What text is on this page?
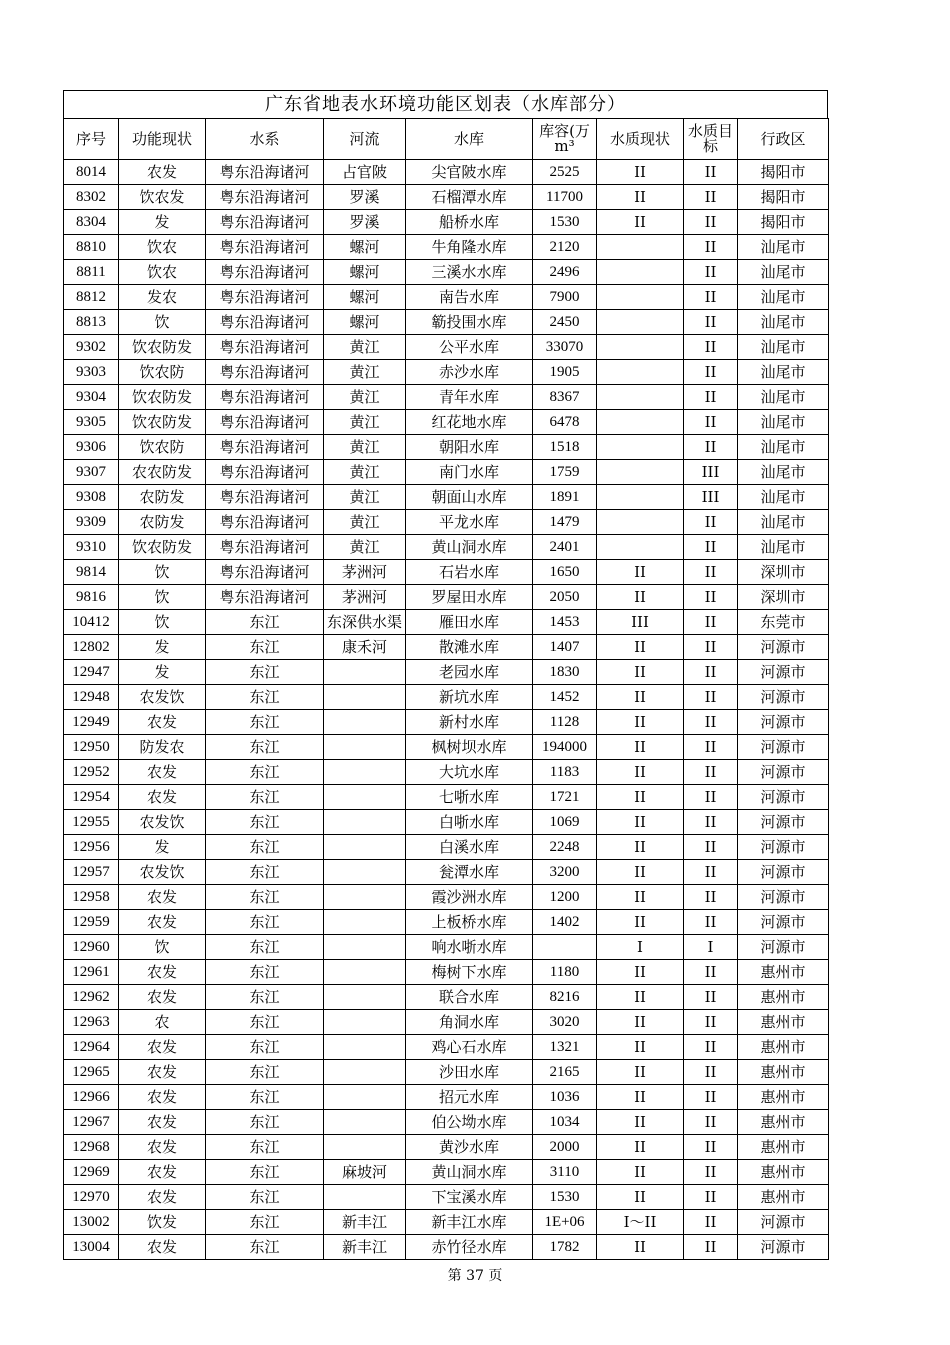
广东省地表水环境功能区划表（水库部分）
序号	功能现状	水系	河流	水库	库容(万m³	水质现状	水质目标	行政区
8014	农发	粤东沿海诸河	占官陂	尖官陂水库	2525	II	II	揭阳市
8302	饮农发	粤东沿海诸河	罗溪	石榴潭水库	11700	II	II	揭阳市
8304	发	粤东沿海诸河	罗溪	船桥水库	1530	II	II	揭阳市
8810	饮农	粤东沿海诸河	螺河	牛角隆水库	2120		II	汕尾市
8811	饮农	粤东沿海诸河	螺河	三溪水水库	2496		II	汕尾市
8812	发农	粤东沿海诸河	螺河	南告水库	7900		II	汕尾市
8813	饮	粤东沿海诸河	螺河	簕投围水库	2450		II	汕尾市
9302	饮农防发	粤东沿海诸河	黄江	公平水库	33070		II	汕尾市
9303	饮农防	粤东沿海诸河	黄江	赤沙水库	1905		II	汕尾市
9304	饮农防发	粤东沿海诸河	黄江	青年水库	8367		II	汕尾市
9305	饮农防发	粤东沿海诸河	黄江	红花地水库	6478		II	汕尾市
9306	饮农防	粤东沿海诸河	黄江	朝阳水库	1518		II	汕尾市
9307	农农防发	粤东沿海诸河	黄江	南门水库	1759		III	汕尾市
9308	农防发	粤东沿海诸河	黄江	朝面山水库	1891		III	汕尾市
9309	农防发	粤东沿海诸河	黄江	平龙水库	1479		II	汕尾市
9310	饮农防发	粤东沿海诸河	黄江	黄山洞水库	2401		II	汕尾市
9814	饮	粤东沿海诸河	茅洲河	石岩水库	1650	II	II	深圳市
9816	饮	粤东沿海诸河	茅洲河	罗屋田水库	2050	II	II	深圳市
10412	饮	东江	东深供水渠	雁田水库	1453	III	II	东莞市
12802	发	东江	康禾河	散滩水库	1407	II	II	河源市
12947	发	东江		老园水库	1830	II	II	河源市
12948	农发饮	东江		新坑水库	1452	II	II	河源市
12949	农发	东江		新村水库	1128	II	II	河源市
12950	防发农	东江		枫树坝水库	194000	II	II	河源市
12952	农发	东江		大坑水库	1183	II	II	河源市
12954	农发	东江		七哳水库	1721	II	II	河源市
12955	农发饮	东江		白哳水库	1069	II	II	河源市
12956	发	东江		白溪水库	2248	II	II	河源市
12957	农发饮	东江		瓮潭水库	3200	II	II	河源市
12958	农发	东江		霞沙洲水库	1200	II	II	河源市
12959	农发	东江		上板桥水库	1402	II	II	河源市
12960	饮	东江		响水哳水库		I	I	河源市
12961	农发	东江		梅树下水库	1180	II	II	惠州市
12962	农发	东江		联合水库	8216	II	II	惠州市
12963	农	东江		角洞水库	3020	II	II	惠州市
12964	农发	东江		鸡心石水库	1321	II	II	惠州市
12965	农发	东江		沙田水库	2165	II	II	惠州市
12966	农发	东江		招元水库	1036	II	II	惠州市
12967	农发	东江		伯公坳水库	1034	II	II	惠州市
12968	农发	东江		黄沙水库	2000	II	II	惠州市
12969	农发	东江	麻坡河	黄山洞水库	3110	II	II	惠州市
12970	农发	东江		下宝溪水库	1530	II	II	惠州市
13002	饮发	东江	新丰江	新丰江水库	1E+06	I～II	II	河源市
13004	农发	东江	新丰江	赤竹径水库	1782	II	II	河源市
第 37 页
